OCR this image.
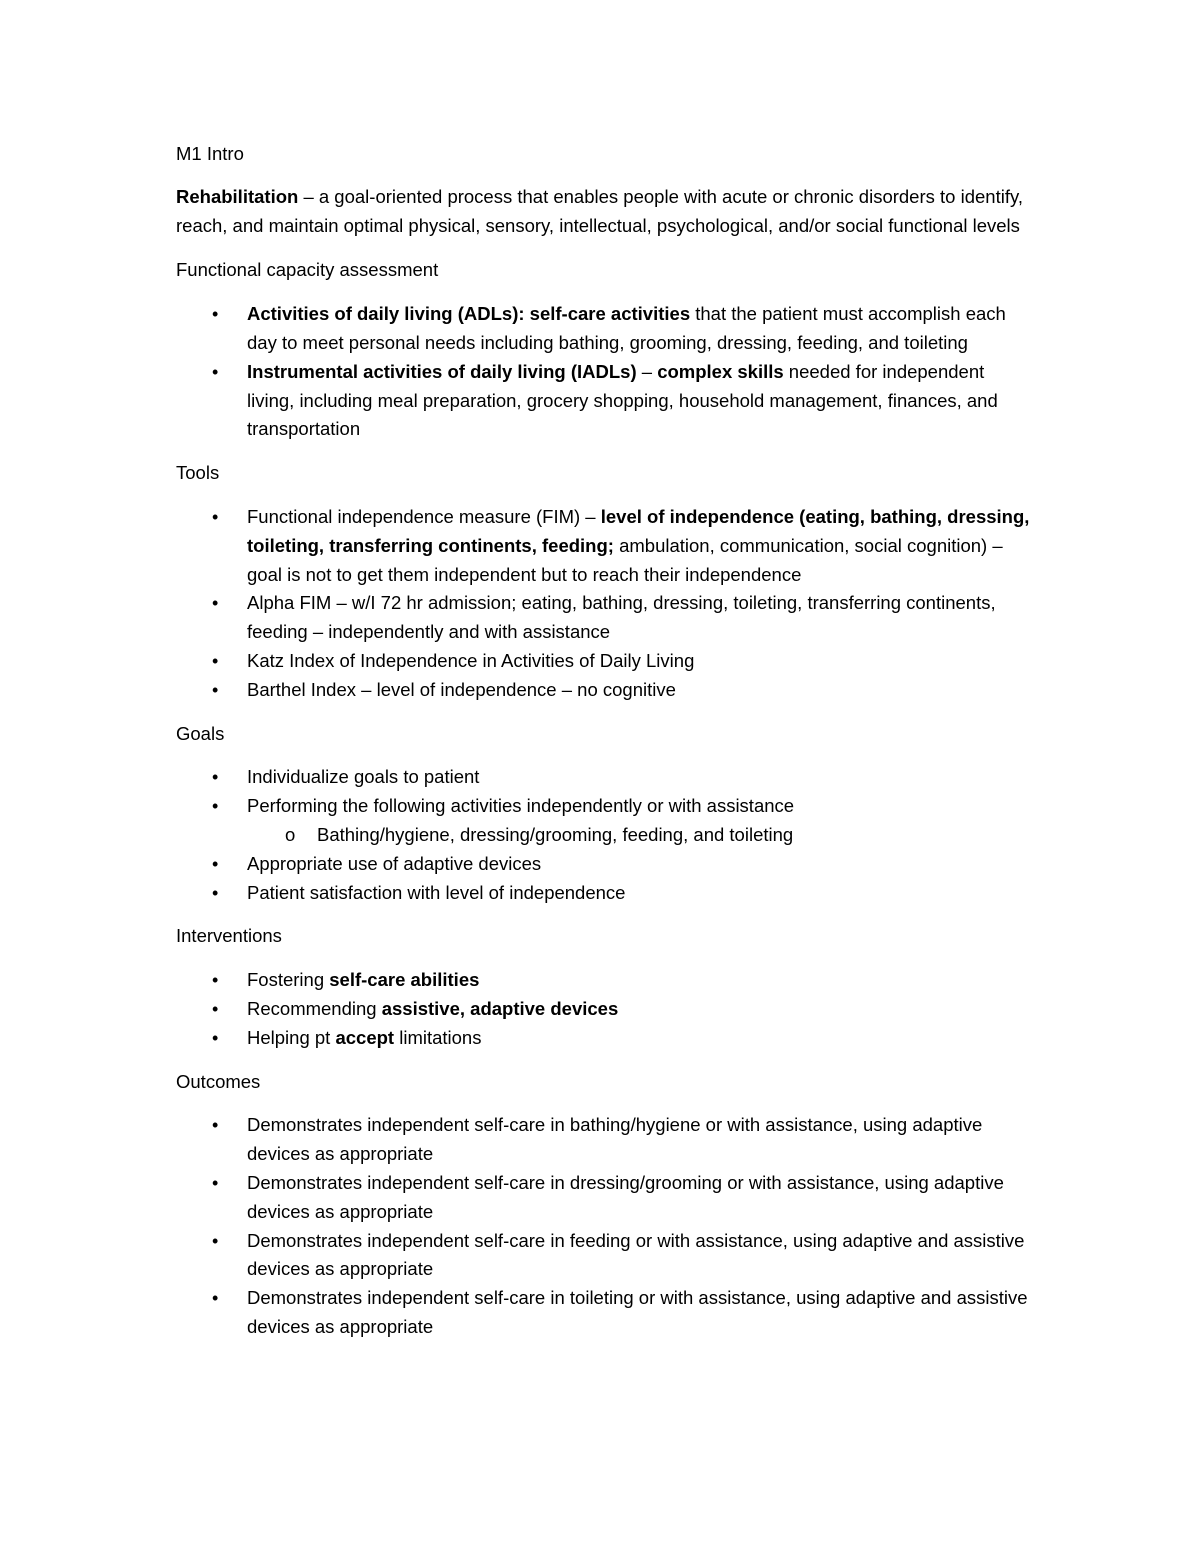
M1 Intro

Rehabilitation – a goal-oriented process that enables people with acute or chronic disorders to identify, reach, and maintain optimal physical, sensory, intellectual, psychological, and/or social functional levels

Functional capacity assessment

• Activities of daily living (ADLs): self-care activities that the patient must accomplish each day to meet personal needs including bathing, grooming, dressing, feeding, and toileting
• Instrumental activities of daily living (IADLs) – complex skills needed for independent living, including meal preparation, grocery shopping, household management, finances, and transportation

Tools

• Functional independence measure (FIM) – level of independence (eating, bathing, dressing, toileting, transferring continents, feeding; ambulation, communication, social cognition) – goal is not to get them independent but to reach their independence
• Alpha FIM – w/I 72 hr admission; eating, bathing, dressing, toileting, transferring continents, feeding – independently and with assistance
• Katz Index of Independence in Activities of Daily Living
• Barthel Index – level of independence – no cognitive

Goals

• Individualize goals to patient
• Performing the following activities independently or with assistance
o Bathing/hygiene, dressing/grooming, feeding, and toileting
• Appropriate use of adaptive devices
• Patient satisfaction with level of independence

Interventions

• Fostering self-care abilities
• Recommending assistive, adaptive devices
• Helping pt accept limitations

Outcomes

• Demonstrates independent self-care in bathing/hygiene or with assistance, using adaptive devices as appropriate
• Demonstrates independent self-care in dressing/grooming or with assistance, using adaptive devices as appropriate
• Demonstrates independent self-care in feeding or with assistance, using adaptive and assistive devices as appropriate
• Demonstrates independent self-care in toileting or with assistance, using adaptive and assistive devices as appropriate
